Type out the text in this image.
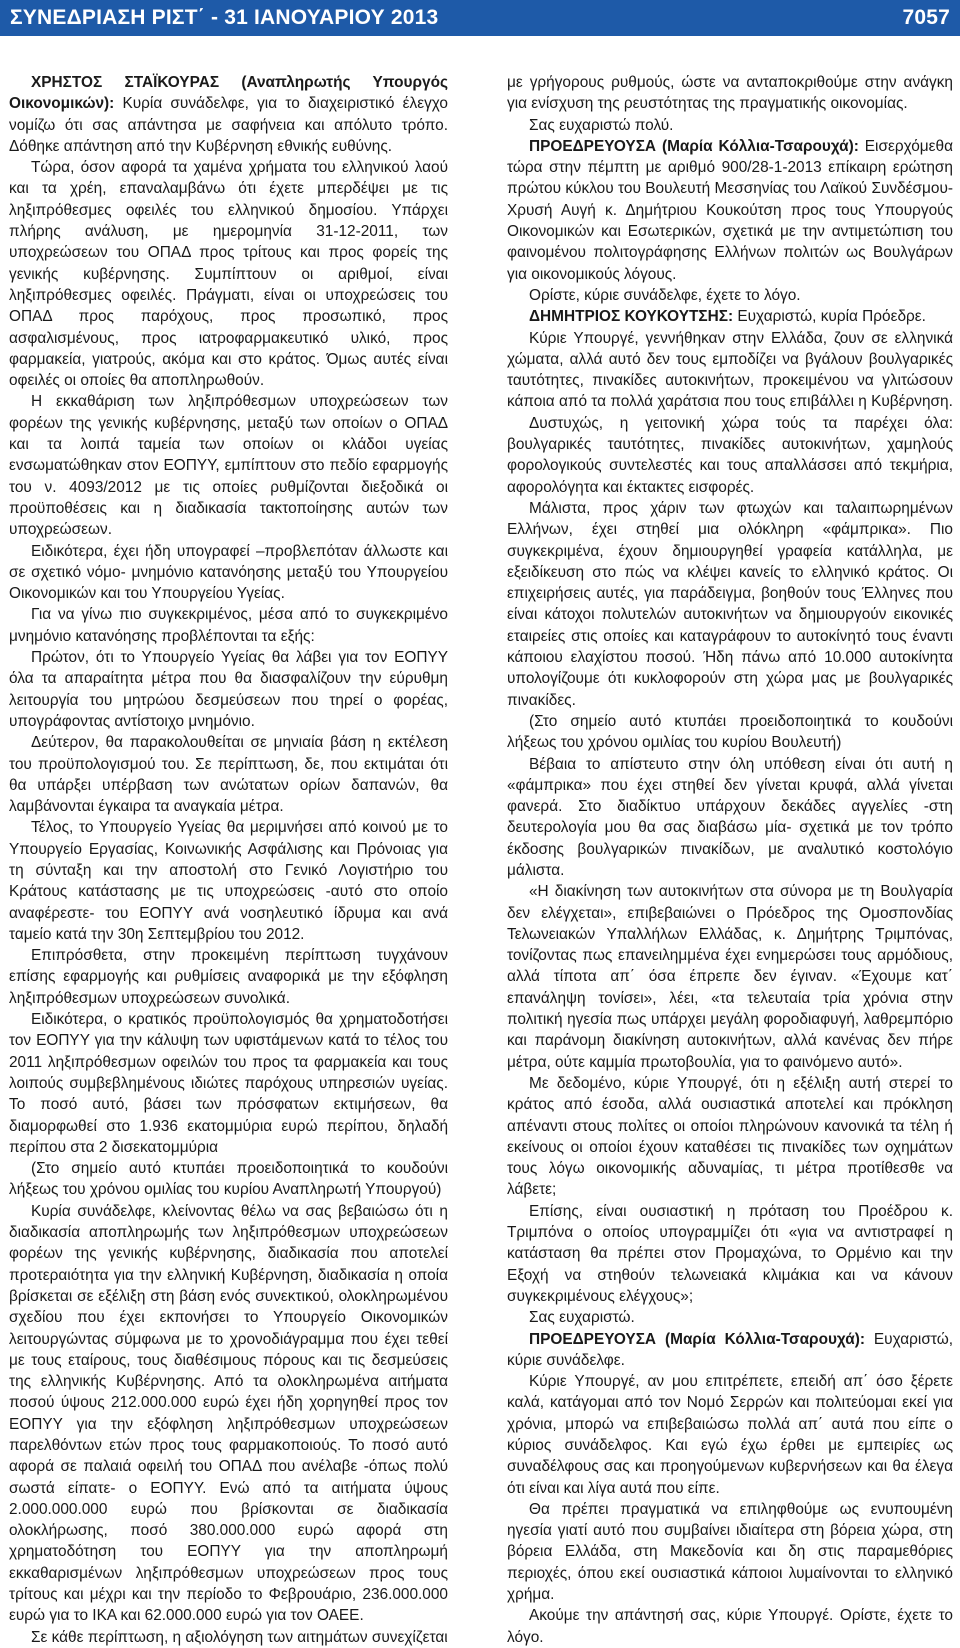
ΣΥΝΕΔΡΙΑΣΗ ΡΙΣΤ΄ - 31 ΙΑΝΟΥΑΡΙΟΥ 2013	7057

ΧΡΗΣΤΟΣ ΣΤΑΪΚΟΥΡΑΣ (Αναπληρωτής Υπουργός Οικονομικών): Κυρία συνάδελφε, για το διαχειριστικό έλεγχο νομίζω ότι σας απάντησα με σαφήνεια και απόλυτο τρόπο. Δόθηκε απάντηση από την Κυβέρνηση εθνικής ευθύνης.

Τώρα, όσον αφορά τα χαμένα χρήματα του ελληνικού λαού και τα χρέη, επαναλαμβάνω ότι έχετε μπερδέψει με τις ληξιπρόθεσμες οφειλές του ελληνικού δημοσίου. Υπάρχει πλήρης ανάλυση, με ημερομηνία 31-12-2011, των υποχρεώσεων του ΟΠΑΔ προς τρίτους και προς φορείς της γενικής κυβέρνησης. Συμπίπτουν οι αριθμοί, είναι ληξιπρόθεσμες οφειλές. Πράγματι, είναι οι υποχρεώσεις του ΟΠΑΔ προς παρόχους, προς προσωπικό, προς ασφαλισμένους, προς ιατροφαρμακευτικό υλικό, προς φαρμακεία, γιατρούς, ακόμα και στο κράτος. Όμως αυτές είναι οφειλές οι οποίες θα αποπληρωθούν.

Η εκκαθάριση των ληξιπρόθεσμων υποχρεώσεων των φορέων της γενικής κυβέρνησης, μεταξύ των οποίων ο ΟΠΑΔ και τα λοιπά ταμεία των οποίων οι κλάδοι υγείας ενσωματώθηκαν στον ΕΟΠΥΥ, εμπίπτουν στο πεδίο εφαρμογής του ν. 4093/2012 με τις οποίες ρυθμίζονται διεξοδικά οι προϋποθέσεις και η διαδικασία τακτοποίησης αυτών των υποχρεώσεων.

Ειδικότερα, έχει ήδη υπογραφεί –προβλεπόταν άλλωστε και σε σχετικό νόμο- μνημόνιο κατανόησης μεταξύ του Υπουργείου Οικονομικών και του Υπουργείου Υγείας.

Για να γίνω πιο συγκεκριμένος, μέσα από το συγκεκριμένο μνημόνιο κατανόησης προβλέπονται τα εξής:

Πρώτον, ότι το Υπουργείο Υγείας θα λάβει για τον ΕΟΠΥΥ όλα τα απαραίτητα μέτρα που θα διασφαλίζουν την εύρυθμη λειτουργία του μητρώου δεσμεύσεων που τηρεί ο φορέας, υπογράφοντας αντίστοιχο μνημόνιο.

Δεύτερον, θα παρακολουθείται σε μηνιαία βάση η εκτέλεση του προϋπολογισμού του. Σε περίπτωση, δε, που εκτιμάται ότι θα υπάρξει υπέρβαση των ανώτατων ορίων δαπανών, θα λαμβάνονται έγκαιρα τα αναγκαία μέτρα.

Τέλος, το Υπουργείο Υγείας θα μεριμνήσει από κοινού με το Υπουργείο Εργασίας, Κοινωνικής Ασφάλισης και Πρόνοιας για τη σύνταξη και την αποστολή στο Γενικό Λογιστήριο του Κράτους κατάστασης με τις υποχρεώσεις -αυτό στο οποίο αναφέρεστε- του ΕΟΠΥΥ ανά νοσηλευτικό ίδρυμα και ανά ταμείο κατά την 30η Σεπτεμβρίου του 2012.

Επιπρόσθετα, στην προκειμένη περίπτωση τυγχάνουν επίσης εφαρμογής και ρυθμίσεις αναφορικά με την εξόφληση ληξιπρόθεσμων υποχρεώσεων συνολικά.

Ειδικότερα, ο κρατικός προϋπολογισμός θα χρηματοδοτήσει τον ΕΟΠΥΥ για την κάλυψη των υφιστάμενων κατά το τέλος του 2011 ληξιπρόθεσμων οφειλών του προς τα φαρμακεία και τους λοιπούς συμβεβλημένους ιδιώτες παρόχους υπηρεσιών υγείας. Το ποσό αυτό, βάσει των πρόσφατων εκτιμήσεων, θα διαμορφωθεί στο 1.936 εκατομμύρια ευρώ περίπου, δηλαδή περίπου στα 2 δισεκατομμύρια

(Στο σημείο αυτό κτυπάει προειδοποιητικά το κουδούνι λήξεως του χρόνου ομιλίας του κυρίου Αναπληρωτή Υπουργού)

Κυρία συνάδελφε, κλείνοντας θέλω να σας βεβαιώσω ότι η διαδικασία αποπληρωμής των ληξιπρόθεσμων υποχρεώσεων φορέων της γενικής κυβέρνησης, διαδικασία που αποτελεί προτεραιότητα για την ελληνική Κυβέρνηση, διαδικασία η οποία βρίσκεται σε εξέλιξη στη βάση ενός συνεκτικού, ολοκληρωμένου σχεδίου που έχει εκπονήσει το Υπουργείο Οικονομικών λειτουργώντας σύμφωνα με το χρονοδιάγραμμα που έχει τεθεί με τους εταίρους, τους διαθέσιμους πόρους και τις δεσμεύσεις της ελληνικής Κυβέρνησης. Από τα ολοκληρωμένα αιτήματα ποσού ύψους 212.000.000 ευρώ έχει ήδη χορηγηθεί προς τον ΕΟΠΥΥ για την εξόφληση ληξιπρόθεσμων υποχρεώσεων παρελθόντων ετών προς τους φαρμακοποιούς. Το ποσό αυτό αφορά σε παλαιά οφειλή του ΟΠΑΔ που ανέλαβε -όπως πολύ σωστά είπατε- ο ΕΟΠΥΥ. Ενώ από τα αιτήματα ύψους 2.000.000.000 ευρώ που βρίσκονται σε διαδικασία ολοκλήρωσης, ποσό 380.000.000 ευρώ αφορά στη χρηματοδότηση του ΕΟΠΥΥ για την αποπληρωμή εκκαθαρισμένων ληξιπρόθεσμων υποχρεώσεων προς τους τρίτους και μέχρι και την περίοδο το Φεβρουάριο, 236.000.000 ευρώ για το ΙΚΑ και 62.000.000 ευρώ για τον ΟΑΕΕ.

Σε κάθε περίπτωση, η αξιολόγηση των αιτημάτων συνεχίζεται

με γρήγορους ρυθμούς, ώστε να ανταποκριθούμε στην ανάγκη για ενίσχυση της ρευστότητας της πραγματικής οικονομίας.

Σας ευχαριστώ πολύ.

ΠΡΟΕΔΡΕΥΟΥΣΑ (Μαρία Κόλλια-Τσαρουχά): Εισερχόμεθα τώρα στην πέμπτη με αριθμό 900/28-1-2013 επίκαιρη ερώτηση πρώτου κύκλου του Βουλευτή Μεσσηνίας του Λαϊκού Συνδέσμου-Χρυσή Αυγή κ. Δημήτριου Κουκούτση προς τους Υπουργούς Οικονομικών και Εσωτερικών, σχετικά με την αντιμετώπιση του φαινομένου πολιτογράφησης Ελλήνων πολιτών ως Βουλγάρων για οικονομικούς λόγους.

Ορίστε, κύριε συνάδελφε, έχετε το λόγο.

ΔΗΜΗΤΡΙΟΣ ΚΟΥΚΟΥΤΣΗΣ: Ευχαριστώ, κυρία Πρόεδρε.

Κύριε Υπουργέ, γεννήθηκαν στην Ελλάδα, ζουν σε ελληνικά χώματα, αλλά αυτό δεν τους εμποδίζει να βγάλουν βουλγαρικές ταυτότητες, πινακίδες αυτοκινήτων, προκειμένου να γλιτώσουν κάποια από τα πολλά χαράτσια που τους επιβάλλει η Κυβέρνηση.

Δυστυχώς, η γειτονική χώρα τούς τα παρέχει όλα: βουλγαρικές ταυτότητες, πινακίδες αυτοκινήτων, χαμηλούς φορολογικούς συντελεστές και τους απαλλάσσει από τεκμήρια, αφορολόγητα και έκτακτες εισφορές.

Μάλιστα, προς χάριν των φτωχών και ταλαιπωρημένων Ελλήνων, έχει στηθεί μια ολόκληρη «φάμπρικα». Πιο συγκεκριμένα, έχουν δημιουργηθεί γραφεία κατάλληλα, με εξειδίκευση στο πώς να κλέψει κανείς το ελληνικό κράτος. Οι επιχειρήσεις αυτές, για παράδειγμα, βοηθούν τους Έλληνες που είναι κάτοχοι πολυτελών αυτοκινήτων να δημιουργούν εικονικές εταιρείες στις οποίες και καταγράφουν το αυτοκίνητό τους έναντι κάποιου ελαχίστου ποσού. Ήδη πάνω από 10.000 αυτοκίνητα υπολογίζουμε ότι κυκλοφορούν στη χώρα μας με βουλγαρικές πινακίδες.

(Στο σημείο αυτό κτυπάει προειδοποιητικά το κουδούνι λήξεως του χρόνου ομιλίας του κυρίου Βουλευτή)

Βέβαια το απίστευτο στην όλη υπόθεση είναι ότι αυτή η «φάμπρικα» που έχει στηθεί δεν γίνεται κρυφά, αλλά γίνεται φανερά. Στο διαδίκτυο υπάρχουν δεκάδες αγγελίες -στη δευτερολογία μου θα σας διαβάσω μία- σχετικά με τον τρόπο έκδοσης βουλγαρικών πινακίδων, με αναλυτικό κοστολόγιο μάλιστα.

«Η διακίνηση των αυτοκινήτων στα σύνορα με τη Βουλγαρία δεν ελέγχεται», επιβεβαιώνει ο Πρόεδρος της Ομοσπονδίας Τελωνειακών Υπαλλήλων Ελλάδας, κ. Δημήτρης Τριμπόνας, τονίζοντας πως επανειλημμένα έχει ενημερώσει τους αρμόδιους, αλλά τίποτα απ΄ όσα έπρεπε δεν έγιναν. «Έχουμε κατ΄ επανάληψη τονίσει», λέει, «τα τελευταία τρία χρόνια στην πολιτική ηγεσία πως υπάρχει μεγάλη φοροδιαφυγή, λαθρεμπόριο και παράνομη διακίνηση αυτοκινήτων, αλλά κανένας δεν πήρε μέτρα, ούτε καμμία πρωτοβουλία, για το φαινόμενο αυτό».

Με δεδομένο, κύριε Υπουργέ, ότι η εξέλιξη αυτή στερεί το κράτος από έσοδα, αλλά ουσιαστικά αποτελεί και πρόκληση απέναντι στους πολίτες οι οποίοι πληρώνουν κανονικά τα τέλη ή εκείνους οι οποίοι έχουν καταθέσει τις πινακίδες των οχημάτων τους λόγω οικονομικής αδυναμίας, τι μέτρα προτίθεσθε να λάβετε;

Επίσης, είναι ουσιαστική η πρόταση του Προέδρου κ. Τριμπόνα ο οποίος υπογραμμίζει ότι «για να αντιστραφεί η κατάσταση θα πρέπει στον Προμαχώνα, το Ορμένιο και την Εξοχή να στηθούν τελωνειακά κλιμάκια και να κάνουν συγκεκριμένους ελέγχους»;

Σας ευχαριστώ.

ΠΡΟΕΔΡΕΥΟΥΣΑ (Μαρία Κόλλια-Τσαρουχά): Ευχαριστώ, κύριε συνάδελφε.

Κύριε Υπουργέ, αν μου επιτρέπετε, επειδή απ΄ όσο ξέρετε καλά, κατάγομαι από τον Νομό Σερρών και πολιτεύομαι εκεί για χρόνια, μπορώ να επιβεβαιώσω πολλά απ΄ αυτά που είπε ο κύριος συνάδελφος. Και εγώ έχω έρθει με εμπειρίες ως συναδέλφους σας και προηγούμενων κυβερνήσεων και θα έλεγα ότι είναι και λίγα αυτά που είπε.

Θα πρέπει πραγματικά να επιληφθούμε ως ενυπουμένη ηγεσία γιατί αυτό που συμβαίνει ιδιαίτερα στη βόρεια χώρα, στη βόρεια Ελλάδα, στη Μακεδονία και δη στις παραμεθόριες περιοχές, όπου εκεί ουσιαστικά κάποιοι λυμαίνονται το ελληνικό χρήμα.

Ακούμε την απάντησή σας, κύριε Υπουργέ. Ορίστε, έχετε το λόγο.
